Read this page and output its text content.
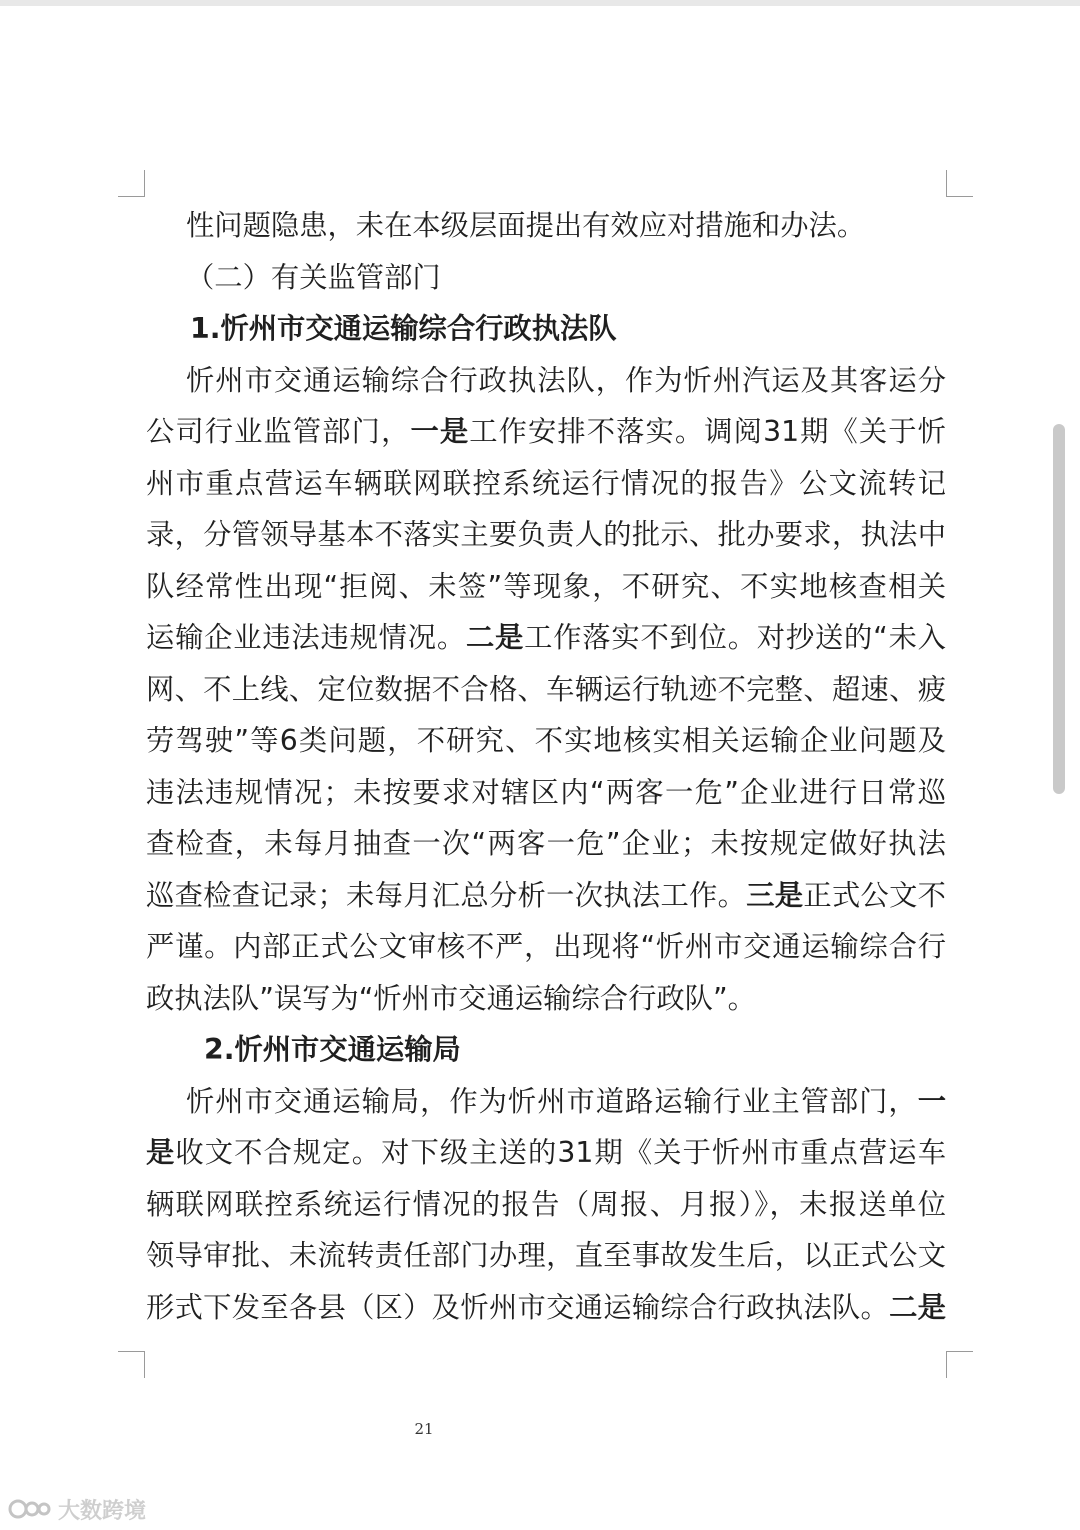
性问题隐患，未在本级层面提出有效应对措施和办法。
（二）有关监管部门
1.忻州市交通运输综合行政执法队
忻州市交通运输综合行政执法队，作为忻州汽运及其客运分
公司行业监管部门，一是工作安排不落实。调阅31期《关于忻
州市重点营运车辆联网联控系统运行情况的报告》公文流转记
录，分管领导基本不落实主要负责人的批示、批办要求，执法中
队经常性出现“拒阅、未签”等现象，不研究、不实地核查相关
运输企业违法违规情况。二是工作落实不到位。对抄送的“未入
网、不上线、定位数据不合格、车辆运行轨迹不完整、超速、疲
劳驾驶”等6类问题，不研究、不实地核实相关运输企业问题及
违法违规情况；未按要求对辖区内“两客一危”企业进行日常巡
查检查，未每月抽查一次“两客一危”企业；未按规定做好执法
巡查检查记录；未每月汇总分析一次执法工作。三是正式公文不
严谨。内部正式公文审核不严，出现将“忻州市交通运输综合行
政执法队”误写为“忻州市交通运输综合行政队”。
2.忻州市交通运输局
忻州市交通运输局，作为忻州市道路运输行业主管部门，一
是收文不合规定。对下级主送的31期《关于忻州市重点营运车
辆联网联控系统运行情况的报告（周报、月报）》，未报送单位
领导审批、未流转责任部门办理，直至事故发生后，以正式公文
形式下发至各县（区）及忻州市交通运输综合行政执法队。二是
21
大数跨境
